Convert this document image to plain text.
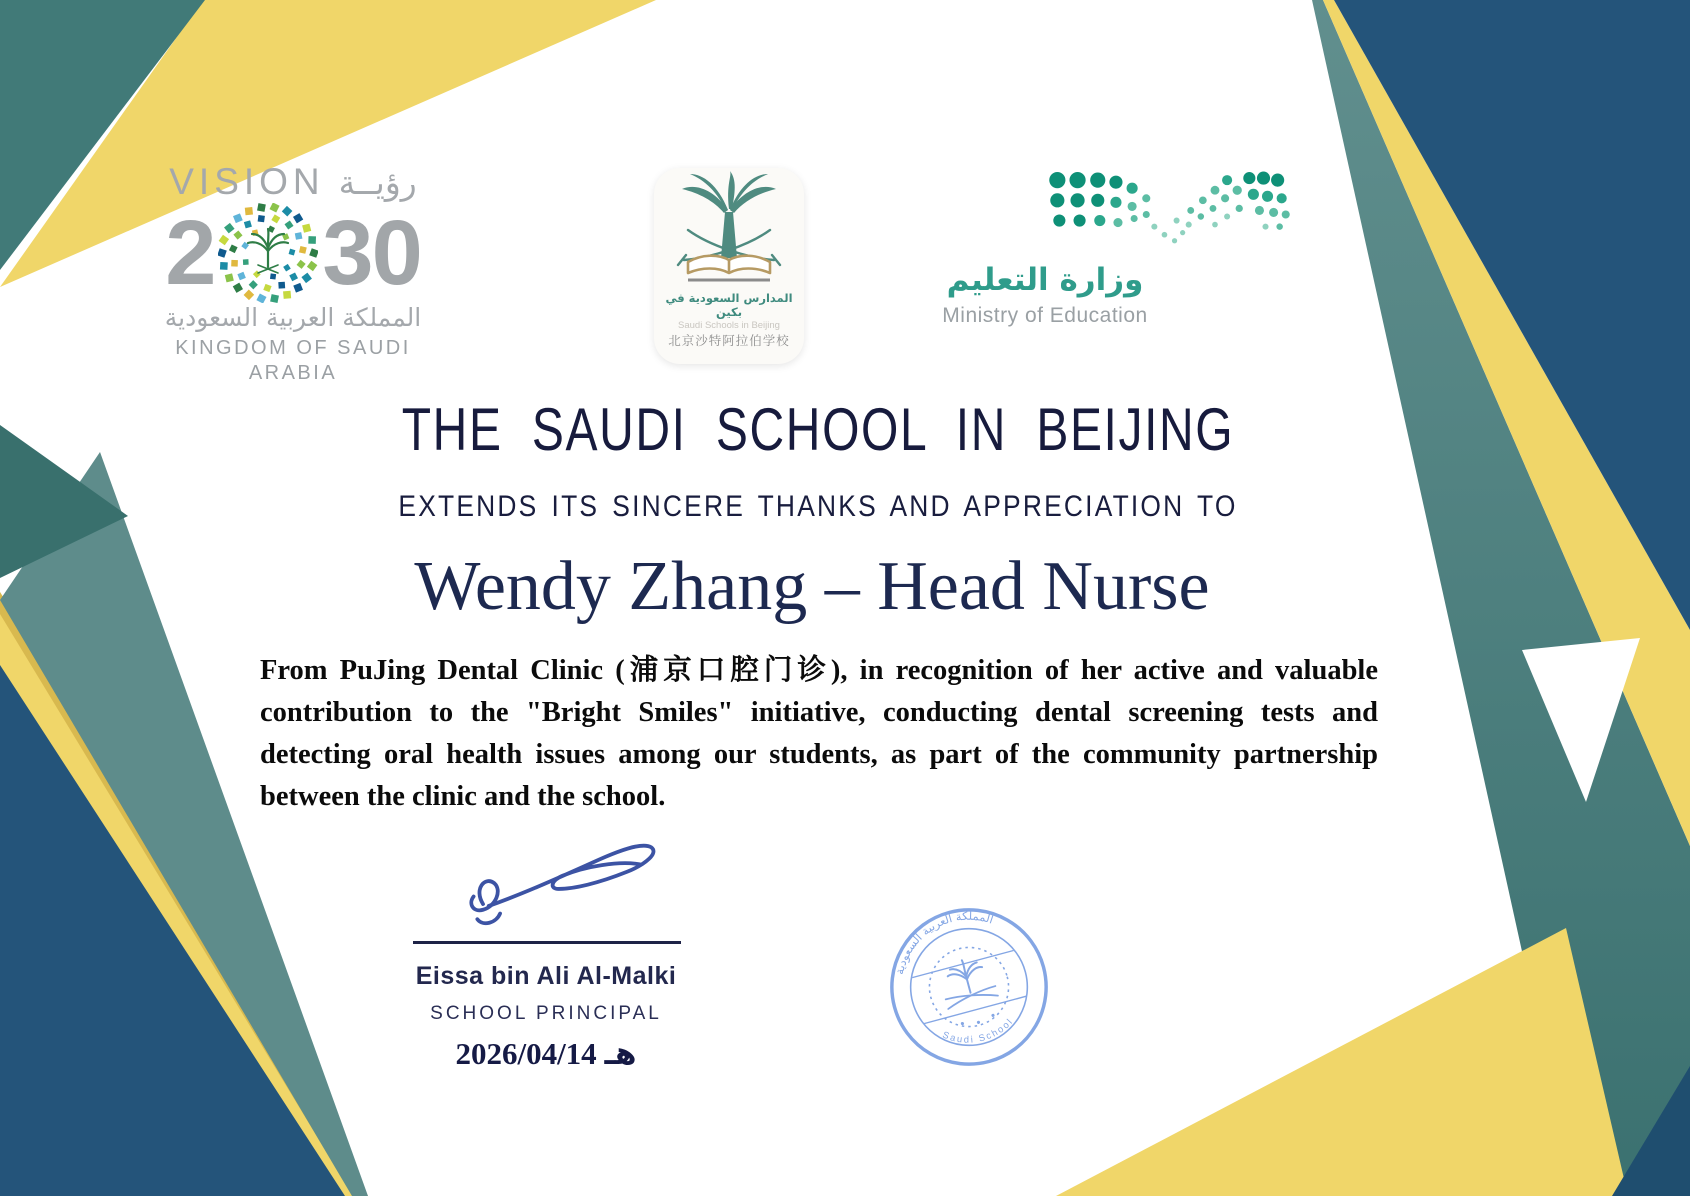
VISION رؤيــة
2 30
المملكة العربية السعودية
KINGDOM OF SAUDI ARABIA
المدارس السعودية في بكين
Saudi Schools in Beijing
北京沙特阿拉伯学校
وزارة التعليم
Ministry of Education
THE SAUDI SCHOOL IN BEIJING
EXTENDS ITS SINCERE THANKS AND APPRECIATION TO
Wendy Zhang – Head Nurse
From PuJing Dental Clinic (浦京口腔门诊), in recognition of her active and valuable contribution to the "Bright Smiles" initiative, conducting dental screening tests and detecting oral health issues among our students, as part of the community partnership between the clinic and the school.
Eissa bin Ali Al-Malki
SCHOOL PRINCIPAL
هـ 2026/04/14
المملكة العربية السعودية
Saudi School
